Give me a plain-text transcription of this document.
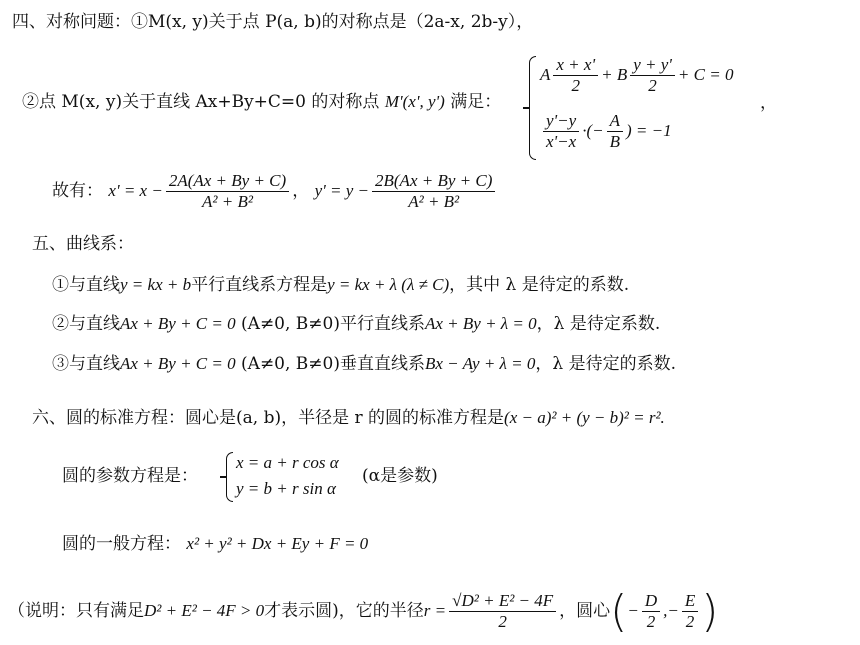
四、对称问题：①M(x, y)关于点 P(a, b)的对称点是（2a-x, 2b-y），
②点 M(x, y)关于直线 Ax+By+C=0 的对称点 M'(x', y') 满足：
A $\frac{x + x'}{2} + B \frac{y + y'}{2} + C = 0$
，
$\frac{y'-y}{x'-x}$ ·(− $\frac{A}{B}$ ) = −1
故有： $x' = x - \frac{2A(Ax + By + C)}{\text{A² + B²}}$ ， $y' = y - \frac{2B(Ax + By + C)}{\text{A² + B²}}$
五、曲线系：
①与直线y = kx + b平行直线系方程是y = kx + λ (λ ≠ C)，其中 λ 是待定的系数.
②与直线Ax + By + C = 0 (A≠0, B≠0)平行直线系Ax + By + λ = 0，λ 是待定系数.
③与直线Ax + By + C = 0 (A≠0, B≠0)垂直直线系Bx − Ay + λ = 0，λ 是待定的系数.
六、圆的标准方程：圆心是(a, b)，半径是 r 的圆的标准方程是(x − a)² + (y − b)² = r².
圆的参数方程是：
x = a + r cos α
y = b + r sin α
(α是参数)
圆的一般方程： x² + y² + Dx + Ey + F = 0
（说明：只有满足D² + E² − 4F > 0才表示圆)，它的半径$r = \frac{\text{√D² + E² − 4F}}{2}$ ，圆心(− $\frac{D}{2}$ ,− $\frac{E}{2}$ )
